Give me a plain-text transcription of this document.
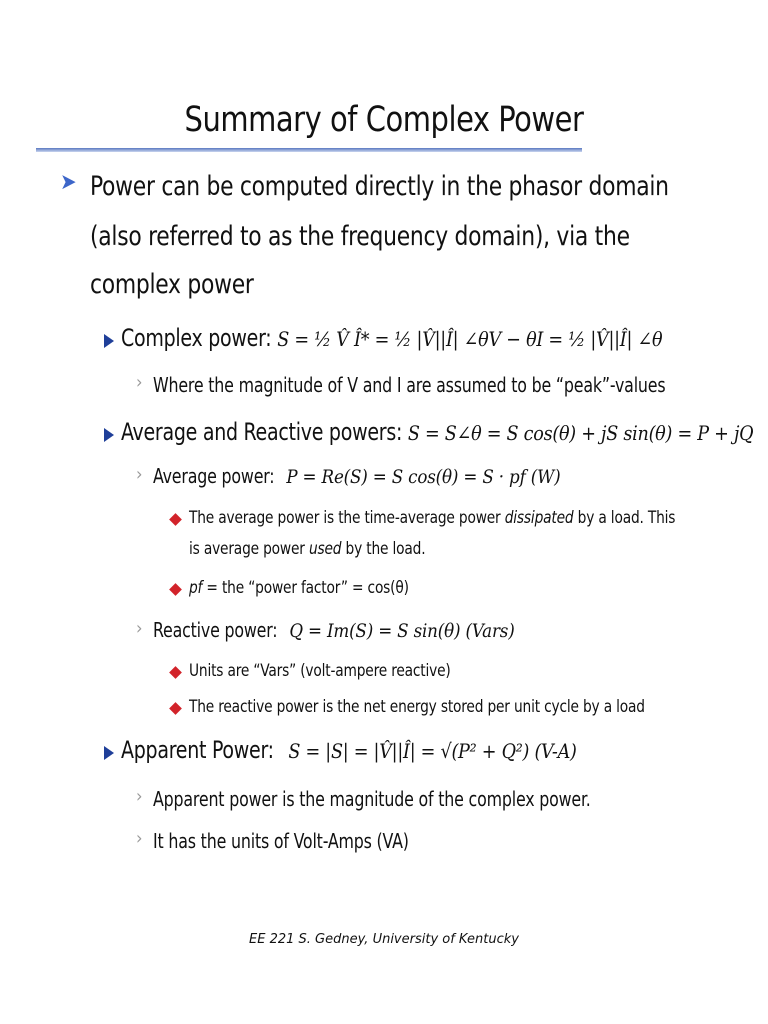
Summary of Complex Power
➤ Power can be computed directly in the phasor domain
(also referred to as the frequency domain), via the
complex power
Complex power: S = ½ V̂ Î* = ½ |V̂||Î| ∠θV − θI = ½ |V̂||Î| ∠θ
› Where the magnitude of V and I are assumed to be “peak”-values
Average and Reactive powers: S = S∠θ = S cos(θ) + jS sin(θ) = P + jQ
› Average power: P = Re(S) = S cos(θ) = S · pf (W)
The average power is the time-average power dissipated by a load. This
is average power used by the load.
pf = the “power factor” = cos(θ)
› Reactive power: Q = Im(S) = S sin(θ) (Vars)
Units are “Vars” (volt-ampere reactive)
The reactive power is the net energy stored per unit cycle by a load
Apparent Power: S = |S| = |V̂||Î| = √(P² + Q²) (V-A)
› Apparent power is the magnitude of the complex power.
› It has the units of Volt-Amps (VA)
EE 221 S. Gedney, University of Kentucky
